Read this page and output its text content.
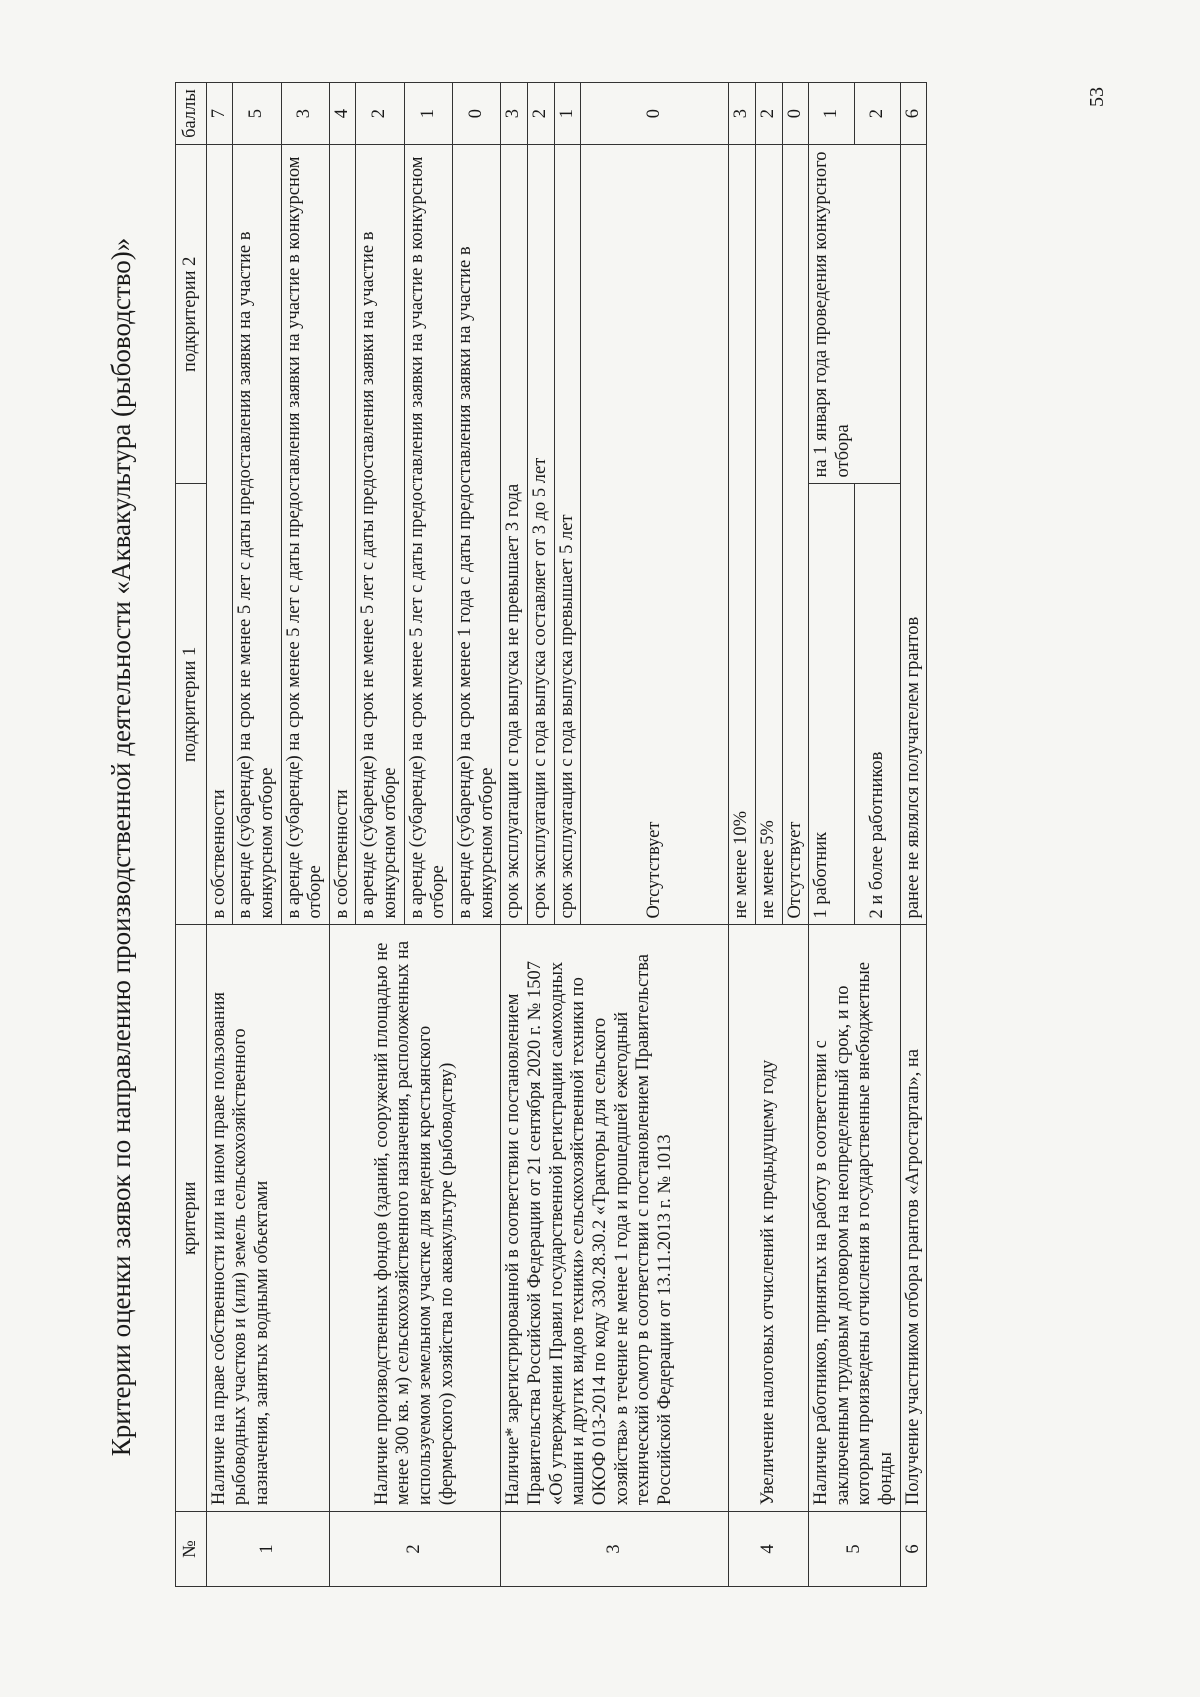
Критерии оценки заявок по направлению производственной деятельности «Аквакультура (рыбоводство)»
53
№	критерии	подкритерии 1	подкритерии 2	баллы
1	Наличие на праве собственности или на ином праве пользования рыбоводных участков и (или) земель сельскохозяйственного назначения, занятых водными объектами	в собственности		7
		в аренде (субаренде) на срок не менее 5 лет с даты предоставления заявки на участие в конкурсном отборе		5
		в аренде (субаренде) на срок менее 5 лет с даты предоставления заявки на участие в конкурсном отборе		3
2	Наличие производственных фондов (зданий, сооружений площадью не менее 300 кв. м) сельскохозяйственного назначения, расположенных на используемом земельном участке для ведения крестьянского (фермерского) хозяйства по аквакультуре (рыбоводству)	в собственности		4
		в аренде (субаренде) на срок не менее 5 лет с даты предоставления заявки на участие в конкурсном отборе		2
		в аренде (субаренде) на срок менее 5 лет с даты предоставления заявки на участие в конкурсном отборе		1
		в аренде (субаренде) на срок менее 1 года с даты предоставления заявки на участие в конкурсном отборе		0
3	Наличие* зарегистрированной в соответствии с постановлением Правительства Российской Федерации от 21 сентября 2020 г. № 1507 «Об утверждении Правил государственной регистрации самоходных машин и других видов техники» сельскохозяйственной техники по ОКОФ 013-2014 по коду 330.28.30.2 «Тракторы для сельского хозяйства» в течение не менее 1 года и прошедшей ежегодный технический осмотр в соответствии с постановлением Правительства Российской Федерации от 13.11.2013 г. № 1013	срок эксплуатации с года выпуска не превышает 3 года		3
		срок эксплуатации с года выпуска составляет от 3 до 5 лет		2
		срок эксплуатации с года выпуска превышает 5 лет		1
		Отсутствует		0
4	Увеличение налоговых отчислений к предыдущему году	не менее 10%		3
		не менее 5%		2
		Отсутствует		0
5	Наличие работников, принятых на работу в соответствии с заключенным трудовым договором на неопределенный срок, и по которым произведены отчисления в государственные внебюджетные фонды	1 работник	на 1 января года проведения конкурсного отбора	1
		2 и более работников		2
6	Получение участником отбора грантов «Агростартап», на	ранее не являлся получателем грантов		6
